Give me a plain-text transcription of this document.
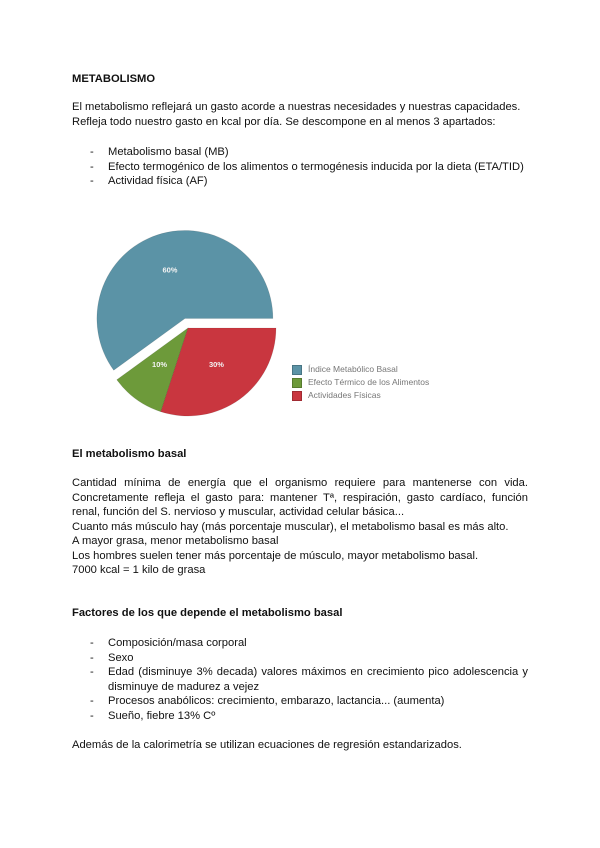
METABOLISMO

El metabolismo reflejará un gasto acorde a nuestras necesidades y nuestras capacidades.

Refleja todo nuestro gasto en kcal por día. Se descompone en al menos 3 apartados:

- Metabolismo basal (MB)
- Efecto termogénico de los alimentos o termogénesis inducida por la dieta (ETA/TID)
- Actividad física (AF)
60%
10%	30%	Índice Metabólico Basal
Efecto Térmico de los Alimentos
Actividades Físicas
El metabolismo basal

Cantidad mínima de energía que el organismo requiere para mantenerse con vida. Concretamente refleja el gasto para: mantener Tª, respiración, gasto cardíaco, función renal, función del S. nervioso y muscular, actividad celular básica...

Cuanto más músculo hay (más porcentaje muscular), el metabolismo basal es más alto.

A mayor grasa, menor metabolismo basal

Los hombres suelen tener más porcentaje de músculo, mayor metabolismo basal.

7000 kcal = 1 kilo de grasa

Factores de los que depende el metabolismo basal
- Composición/masa corporal
- Sexo
- Edad (disminuye 3% decada) valores máximos en crecimiento pico adolescencia y disminuye de madurez a vejez
- Procesos anabólicos: crecimiento, embarazo, lactancia... (aumenta)
- Sueño, fiebre 13% Cº

Además de la calorimetría se utilizan ecuaciones de regresión estandarizados.
